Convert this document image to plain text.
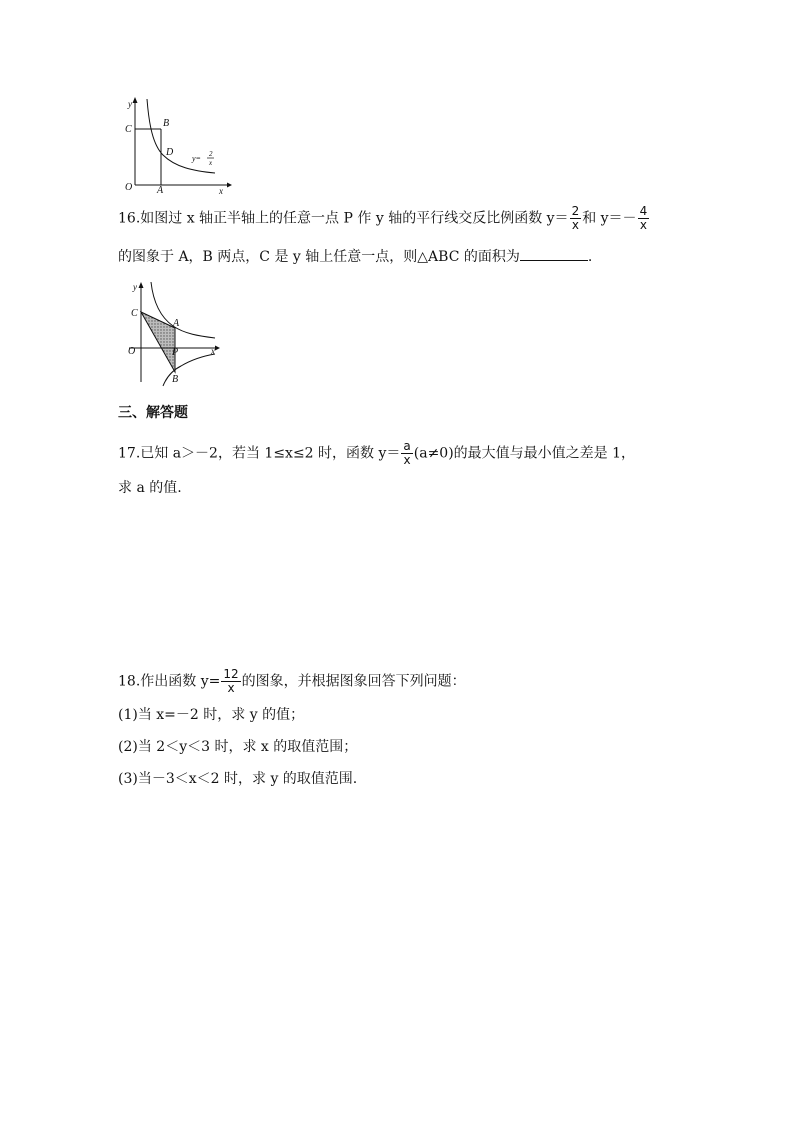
y
x
O
C
B
D
A
y= 2
x
16.如图过 x 轴正半轴上的任意一点 P 作 y 轴的平行线交反比例函数 $y= \frac{2}{x}$ 和 $y=- \frac{4}{x}$
的图象于 A，B 两点，C 是 y 轴上任意一点，则△ABC 的面积为	.
y
x
O
C
A
P
B
三、解答题
17.已知 a＞－2，若当 1≤x≤2 时，函数 $y= \frac{a}{x} (a\ne 0)$的最大值与最小值之差是 1，
求 a 的值.
18.作出函数 $y= \frac{12}{x}$ 的图象，并根据图象回答下列问题：
(1)当 x=－2 时，求 y 的值；
(2)当 2＜y＜3 时，求 x 的取值范围；
(3)当－3＜x＜2 时，求 y 的取值范围.
